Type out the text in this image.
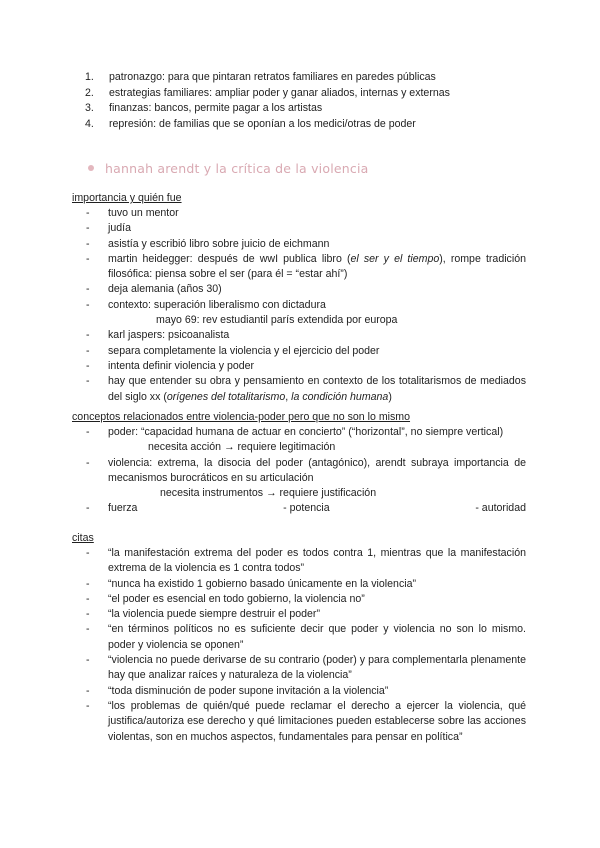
1. patronazgo: para que pintaran retratos familiares en paredes públicas
2. estrategias familiares: ampliar poder y ganar aliados, internas y externas
3. finanzas: bancos, permite pagar a los artistas
4. represión: de familias que se oponían a los medici/otras de poder
hannah arendt y la crítica de la violencia
importancia y quién fue
- tuvo un mentor
- judía
- asistía y escribió libro sobre juicio de eichmann
- martin heidegger: después de wwI publica libro (el ser y el tiempo), rompe tradición filosófica: piensa sobre el ser (para él = “estar ahí”)
- deja alemania (años 30)
- contexto: superación liberalismo con dictadura
mayo 69: rev estudiantil parís extendida por europa
- karl jaspers: psicoanalista
- separa completamente la violencia y el ejercicio del poder
- intenta definir violencia y poder
- hay que entender su obra y pensamiento en contexto de los totalitarismos de mediados del siglo xx (orígenes del totalitarismo, la condición humana)
conceptos relacionados entre violencia-poder pero que no son lo mismo
- poder: “capacidad humana de actuar en concierto” (“horizontal”, no siempre vertical)
necesita acción → requiere legitimación
- violencia: extrema, la disocia del poder (antagónico), arendt subraya importancia de mecanismos burocráticos en su articulación
necesita instrumentos → requiere justificación
- fuerza	- potencia	- autoridad
citas
- “la manifestación extrema del poder es todos contra 1, mientras que la manifestación extrema de la violencia es 1 contra todos”
- “nunca ha existido 1 gobierno basado únicamente en la violencia”
- “el poder es esencial en todo gobierno, la violencia no”
- “la violencia puede siempre destruir el poder”
- “en términos políticos no es suficiente decir que poder y violencia no son lo mismo. poder y violencia se oponen”
- “violencia no puede derivarse de su contrario (poder) y para complementarla plenamente hay que analizar raíces y naturaleza de la violencia”
- “toda disminución de poder supone invitación a la violencia”
- “los problemas de quién/qué puede reclamar el derecho a ejercer la violencia, qué justifica/autoriza ese derecho y qué limitaciones pueden establecerse sobre las acciones violentas, son en muchos aspectos, fundamentales para pensar en política”
